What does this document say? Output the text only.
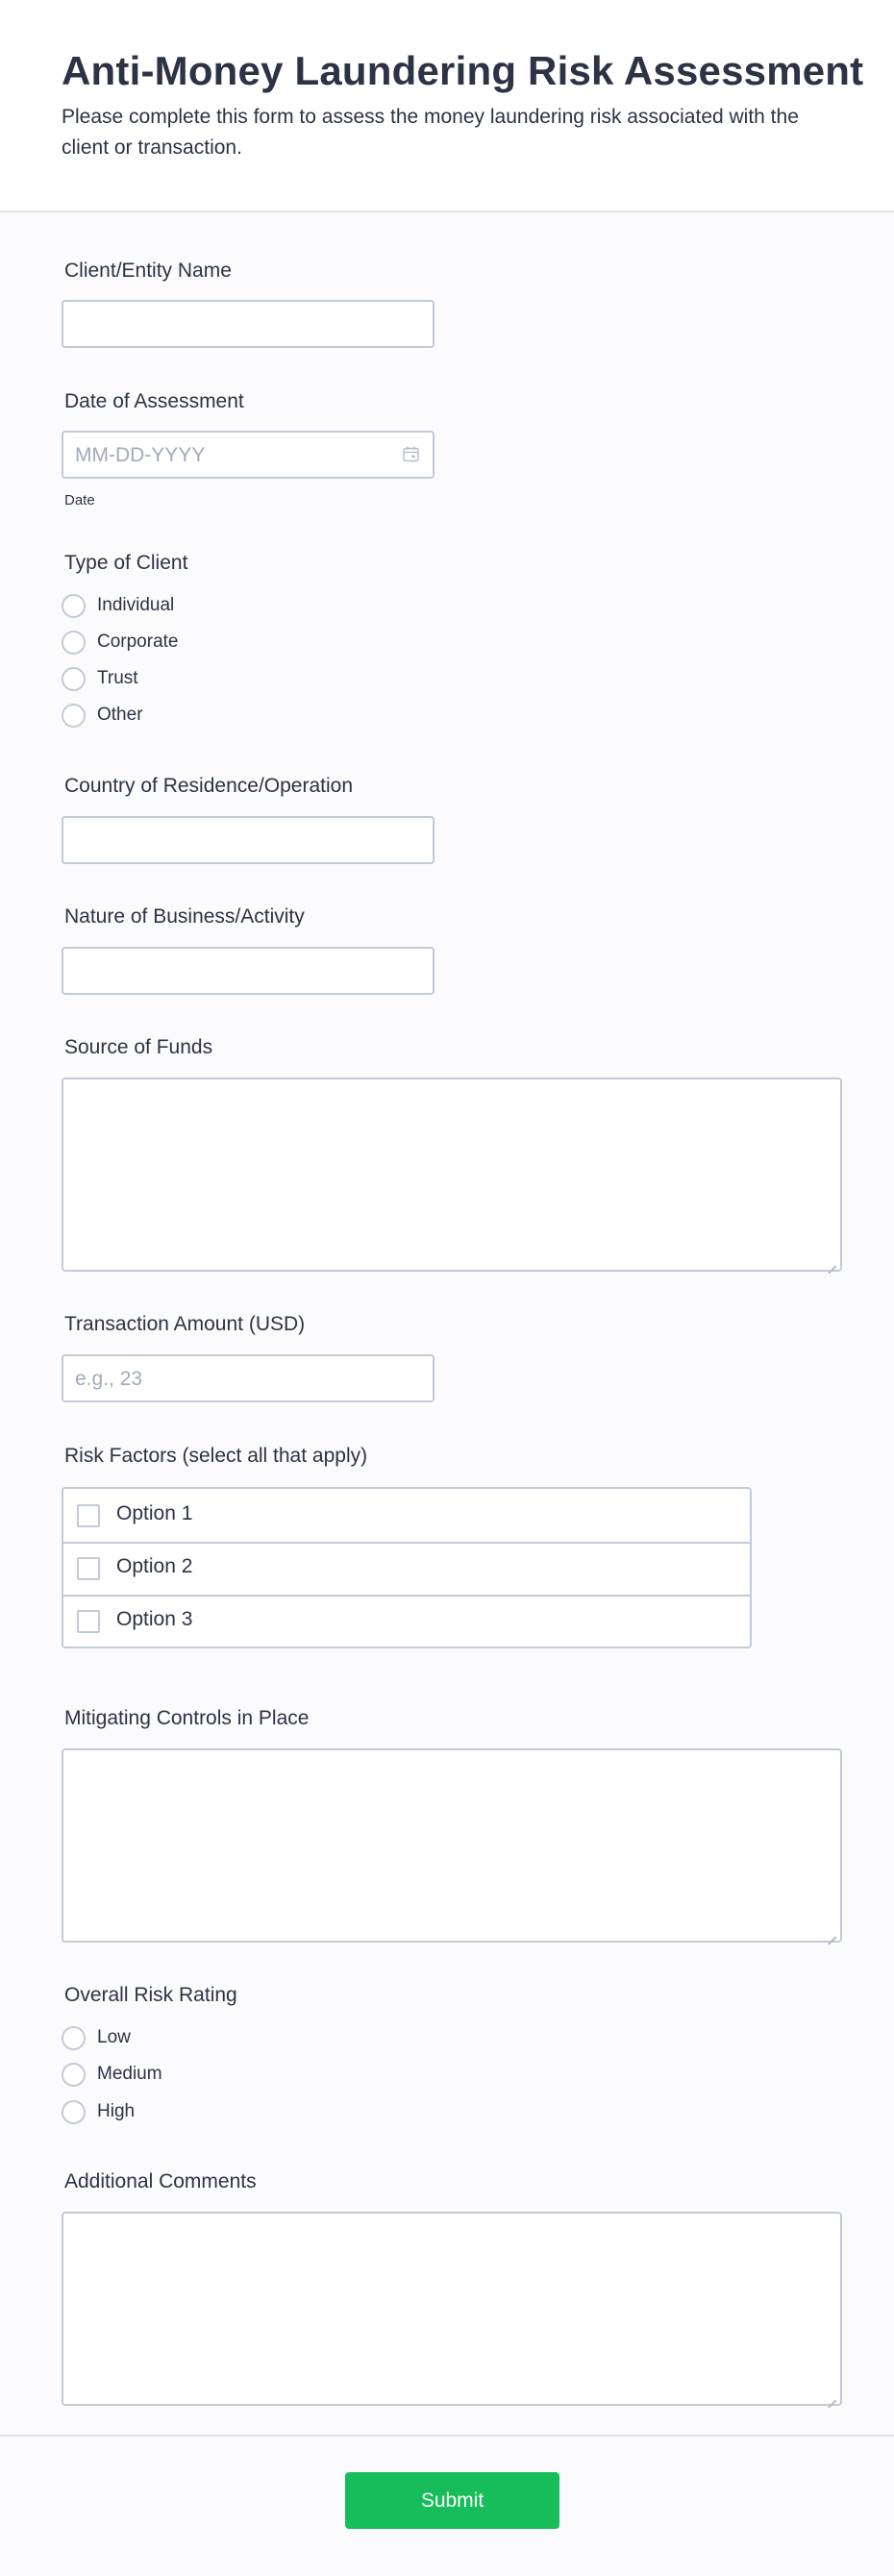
Anti-Money Laundering Risk Assessment
Please complete this form to assess the money laundering risk associated with the client or transaction.
Client/Entity Name
Date of Assessment
MM-DD-YYYY
Date
Type of Client
Individual
Corporate
Trust
Other
Country of Residence/Operation
Nature of Business/Activity
Source of Funds
Transaction Amount (USD)
e.g., 23
Risk Factors (select all that apply)
Option 1
Option 2
Option 3
Mitigating Controls in Place
Overall Risk Rating
Low
Medium
High
Additional Comments
Submit
